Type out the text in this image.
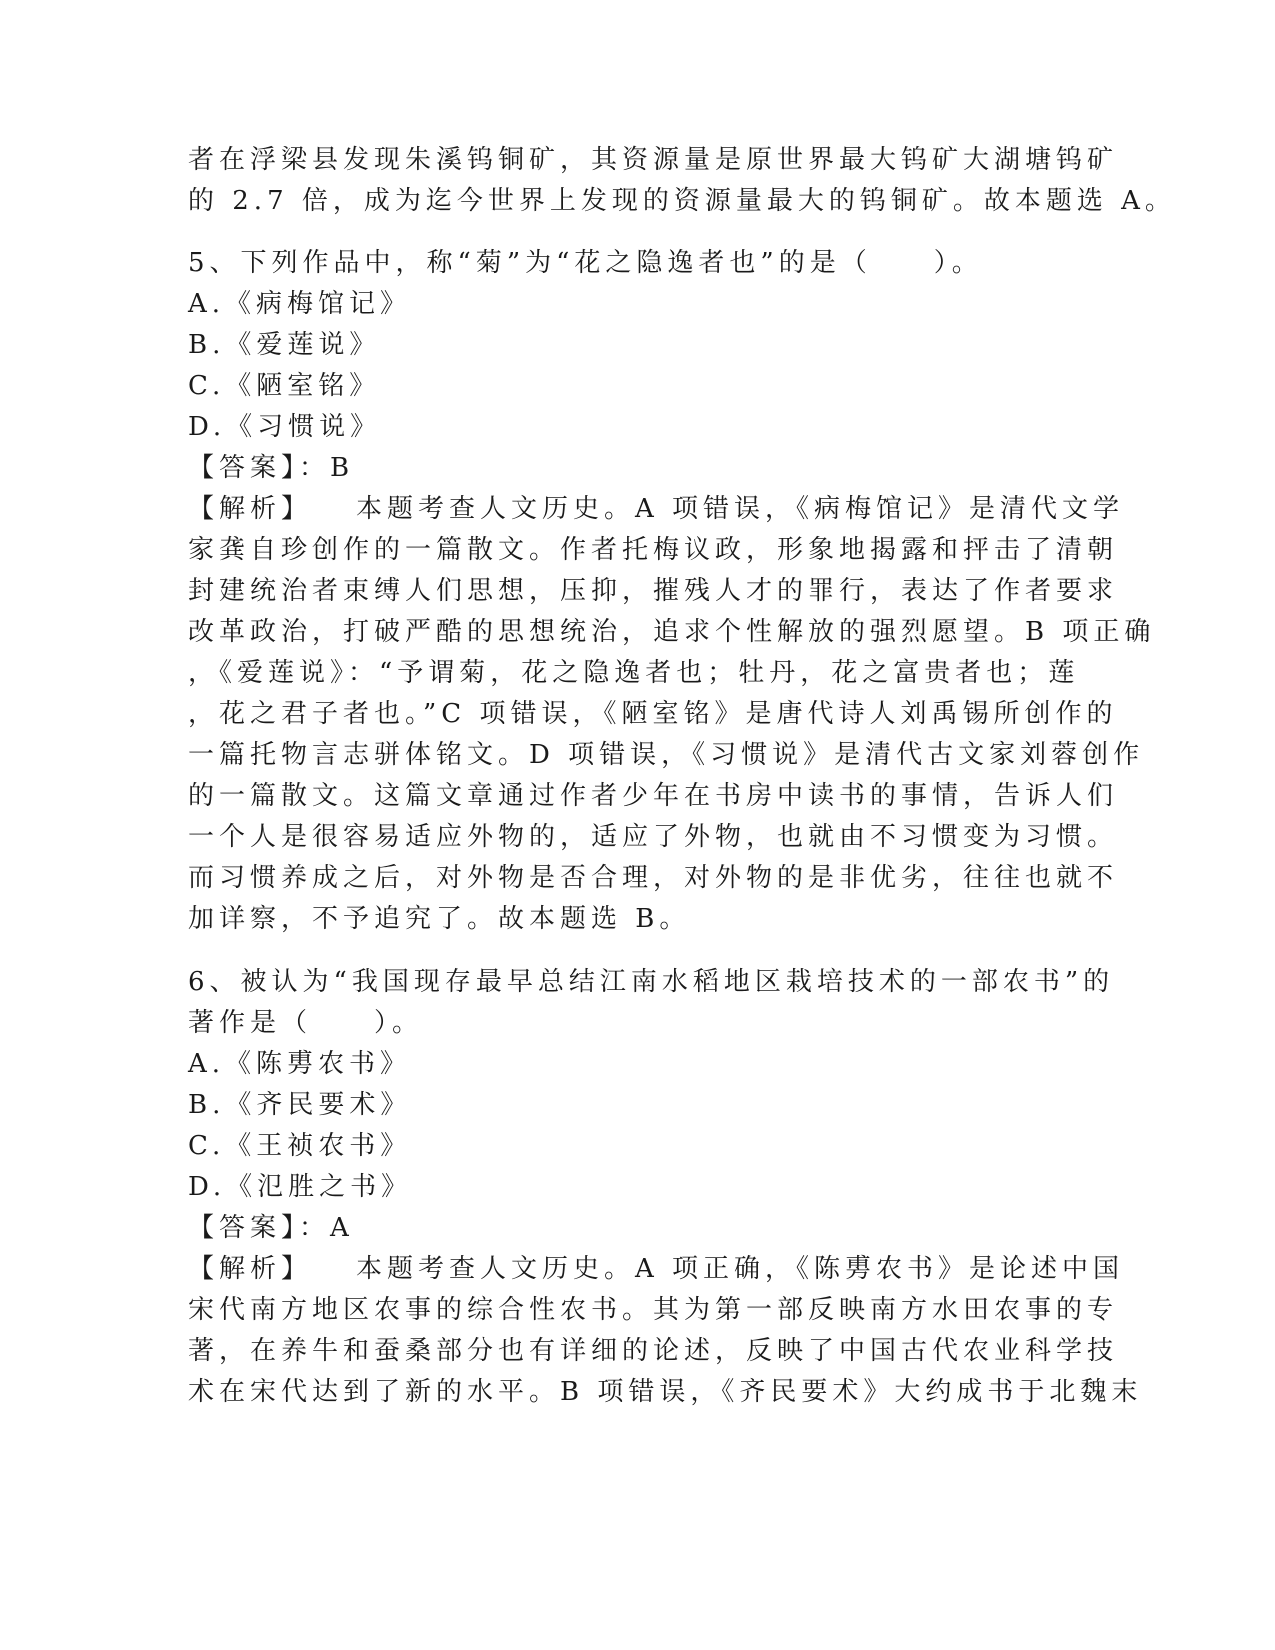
者在浮梁县发现朱溪钨铜矿，其资源量是原世界最大钨矿大湖塘钨矿
的 2.7 倍，成为迄今世界上发现的资源量最大的钨铜矿。故本题选 A。
5、下列作品中，称“菊”为“花之隐逸者也”的是（　　）。
A.《病梅馆记》
B.《爱莲说》
C.《陋室铭》
D.《习惯说》
【答案】：B
【解析】 本题考查人文历史。A 项错误，《病梅馆记》是清代文学
家龚自珍创作的一篇散文。作者托梅议政，形象地揭露和抨击了清朝
封建统治者束缚人们思想，压抑，摧残人才的罪行，表达了作者要求
改革政治，打破严酷的思想统治，追求个性解放的强烈愿望。B 项正确
，《爱莲说》：“予谓菊，花之隐逸者也；牡丹，花之富贵者也；莲
，花之君子者也。”C 项错误，《陋室铭》是唐代诗人刘禹锡所创作的
一篇托物言志骈体铭文。D 项错误，《习惯说》是清代古文家刘蓉创作
的一篇散文。这篇文章通过作者少年在书房中读书的事情，告诉人们
一个人是很容易适应外物的，适应了外物，也就由不习惯变为习惯。
而习惯养成之后，对外物是否合理，对外物的是非优劣，往往也就不
加详察，不予追究了。故本题选 B。
6、被认为“我国现存最早总结江南水稻地区栽培技术的一部农书”的
著作是（　　）。
A.《陈旉农书》
B.《齐民要术》
C.《王祯农书》
D.《氾胜之书》
【答案】：A
【解析】 本题考查人文历史。A 项正确，《陈旉农书》是论述中国
宋代南方地区农事的综合性农书。其为第一部反映南方水田农事的专
著，在养牛和蚕桑部分也有详细的论述，反映了中国古代农业科学技
术在宋代达到了新的水平。B 项错误，《齐民要术》大约成书于北魏末
